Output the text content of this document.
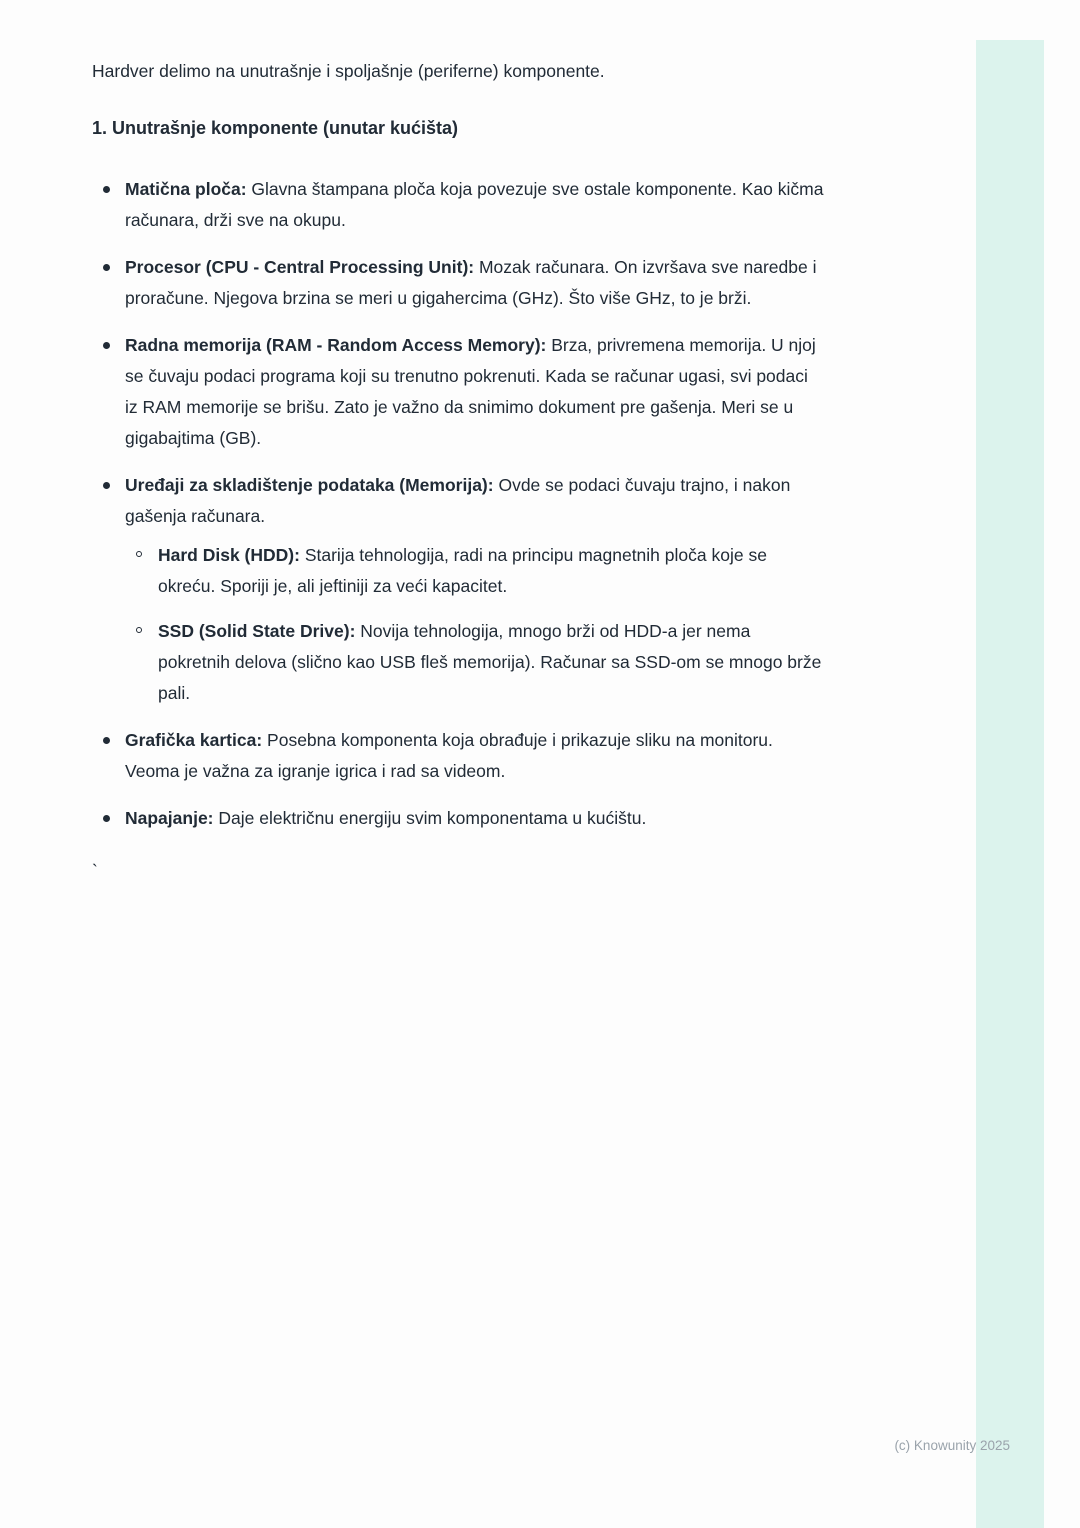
Hardver delimo na unutrašnje i spoljašnje (periferne) komponente.

1. Unutrašnje komponente (unutar kućišta)
Matična ploča: Glavna štampana ploča koja povezuje sve ostale komponente. Kao kičma računara, drži sve na okupu.
Procesor (CPU - Central Processing Unit): Mozak računara. On izvršava sve naredbe i proračune. Njegova brzina se meri u gigahercima (GHz). Što više GHz, to je brži.
Radna memorija (RAM - Random Access Memory): Brza, privremena memorija. U njoj se čuvaju podaci programa koji su trenutno pokrenuti. Kada se računar ugasi, svi podaci iz RAM memorije se brišu. Zato je važno da snimimo dokument pre gašenja. Meri se u gigabajtima (GB).
Uređaji za skladištenje podataka (Memorija): Ovde se podaci čuvaju trajno, i nakon gašenja računara.
Hard Disk (HDD): Starija tehnologija, radi na principu magnetnih ploča koje se okreću. Sporiji je, ali jeftiniji za veći kapacitet.
SSD (Solid State Drive): Novija tehnologija, mnogo brži od HDD-a jer nema pokretnih delova (slično kao USB fleš memorija). Računar sa SSD-om se mnogo brže pali.
Grafička kartica: Posebna komponenta koja obrađuje i prikazuje sliku na monitoru. Veoma je važna za igranje igrica i rad sa videom.
Napajanje: Daje električnu energiju svim komponentama u kućištu.

`

(c) Knowunity 2025
